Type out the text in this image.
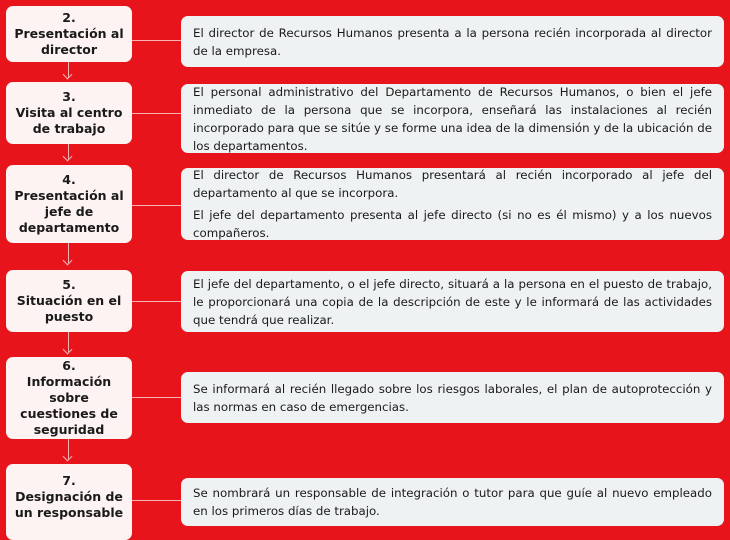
2.
Presentación al director

El director de Recursos Humanos presenta a la persona recién incorporada al director de la empresa.

3.
Visita al centro de trabajo

El personal administrativo del Departamento de Recursos Humanos, o bien el jefe inmediato de la persona que se incorpora, enseñará las instalaciones al recién incorporado para que se sitúe y se forme una idea de la dimensión y de la ubicación de los departamentos.

4.
Presentación al jefe de departamento

El director de Recursos Humanos presentará al recién incorporado al jefe del departamento al que se incorpora.

El jefe del departamento presenta al jefe directo (si no es él mismo) y a los nuevos compañeros.

5.
Situación en el puesto

El jefe del departamento, o el jefe directo, situará a la persona en el puesto de trabajo, le proporcionará una copia de la descripción de este y le informará de las actividades que tendrá que realizar.

6.
Información sobre cuestiones de seguridad

Se informará al recién llegado sobre los riesgos laborales, el plan de autoprotección y las normas en caso de emergencias.

7.
Designación de un responsable

Se nombrará un responsable de integración o tutor para que guíe al nuevo empleado en los primeros días de trabajo.
